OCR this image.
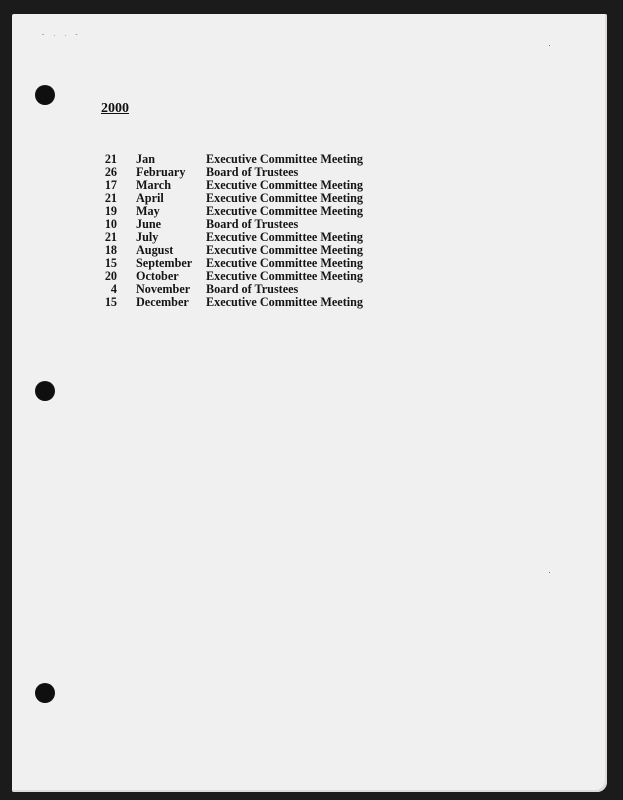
- . . -
2000
21 Jan	Executive Committee Meeting
26 February	Board of Trustees
17 March	Executive Committee Meeting
21 April	Executive Committee Meeting
19 May	Executive Committee Meeting
10 June	Board of Trustees
21 July	Executive Committee Meeting
18 August	Executive Committee Meeting
15 September	Executive Committee Meeting
20 October	Executive Committee Meeting
4 November	Board of Trustees
15 December	Executive Committee Meeting
